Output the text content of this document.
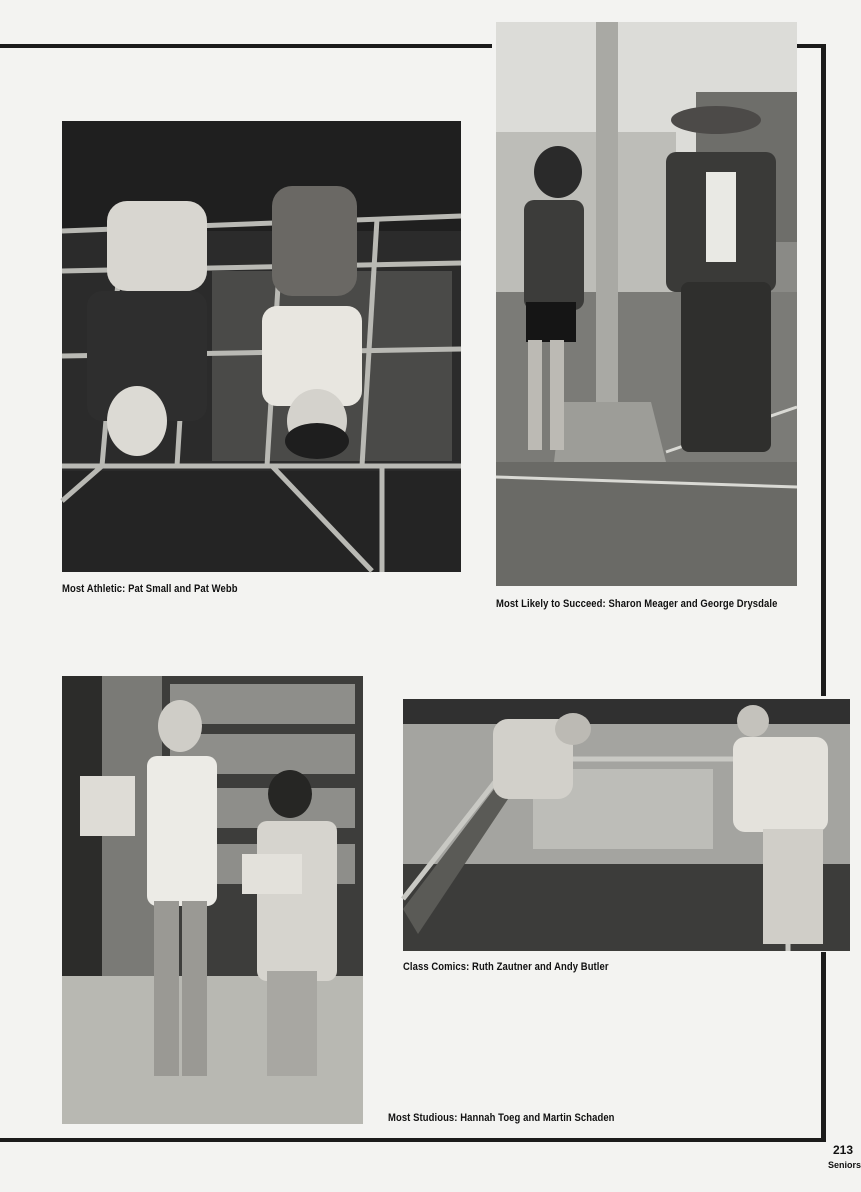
Most Athletic: Pat Small and Pat Webb
Most Likely to Succeed: Sharon Meager and George Drysdale
Class Comics: Ruth Zautner and Andy Butler
Most Studious: Hannah Toeg and Martin Schaden
213
Seniors
